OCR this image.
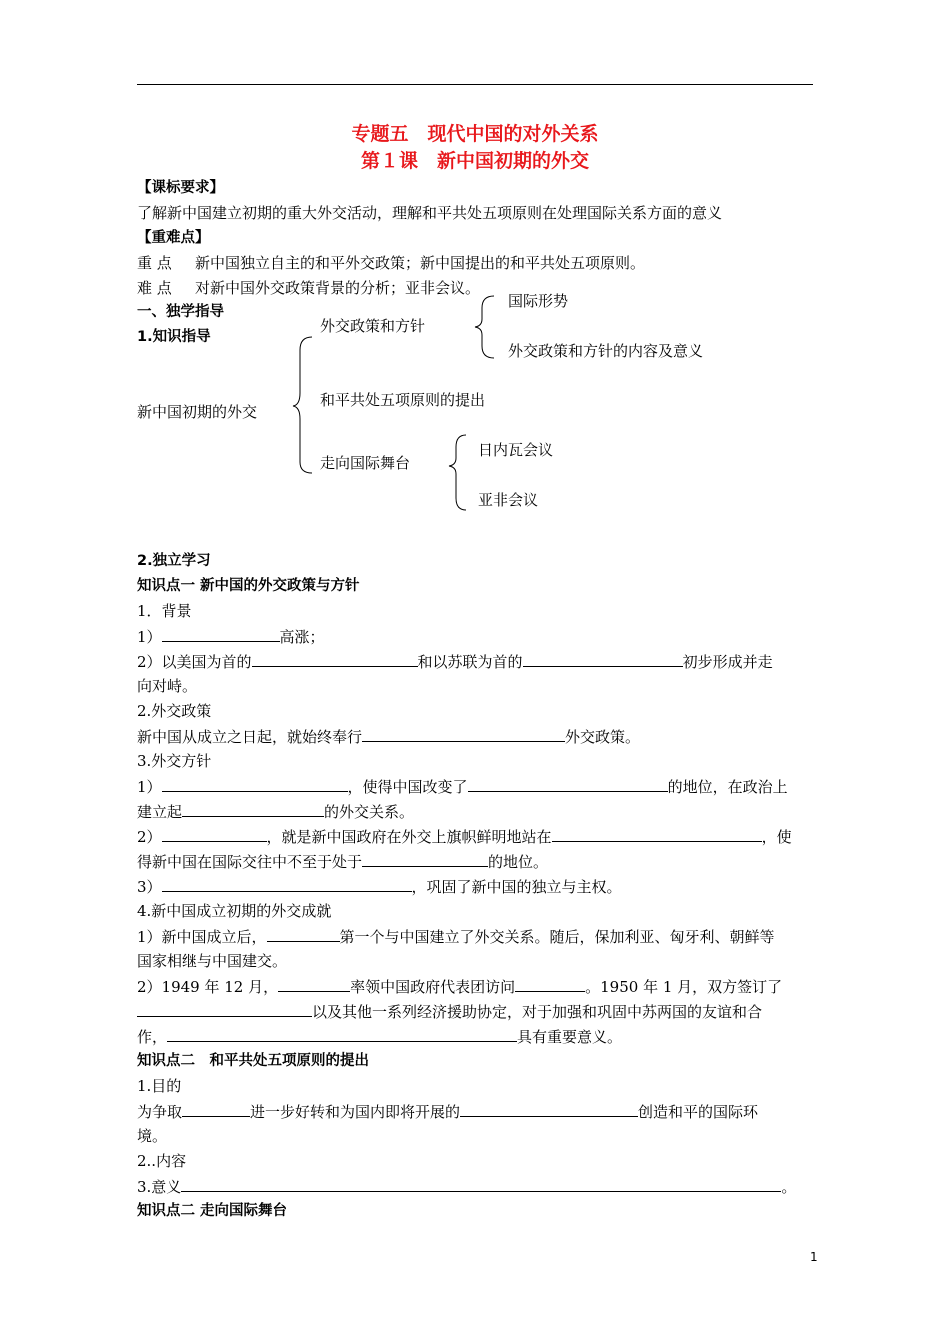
专题五　现代中国的对外关系
第１课　新中国初期的外交
【课标要求】
了解新中国建立初期的重大外交活动，理解和平共处五项原则在处理国际关系方面的意义
【重难点】
重 点 新中国独立自主的和平外交政策；新中国提出的和平共处五项原则。
难 点 对新中国外交政策背景的分析；亚非会议。
一、独学指导
1.知识指导
新中国初期的外交
外交政策和方针
国际形势
外交政策和方针的内容及意义
和平共处五项原则的提出
走向国际舞台
日内瓦会议
亚非会议
2.独立学习
知识点一 新中国的外交政策与方针
1．背景
1）	高涨；
2）以美国为首的	和以苏联为首的	初步形成并走
向对峙。
2.外交政策
新中国从成立之日起，就始终奉行	外交政策。
3.外交方针
1）	，使得中国改变了	的地位，在政治上
建立起	的外交关系。
2）	，就是新中国政府在外交上旗帜鲜明地站在	，使
得新中国在国际交往中不至于处于	的地位。
3）	，巩固了新中国的独立与主权。
4.新中国成立初期的外交成就
1）新中国成立后，	第一个与中国建立了外交关系。随后，保加利亚、匈牙利、朝鲜等
国家相继与中国建交。
2）1949 年 12 月，	率领中国政府代表团访问	。1950 年 1 月，双方签订了
以及其他一系列经济援助协定，对于加强和巩固中苏两国的友谊和合
作，	具有重要意义。
知识点二　和平共处五项原则的提出
1.目的
为争取	进一步好转和为国内即将开展的	创造和平的国际环
境。
2..内容
3.意义	。
知识点二 走向国际舞台
1
